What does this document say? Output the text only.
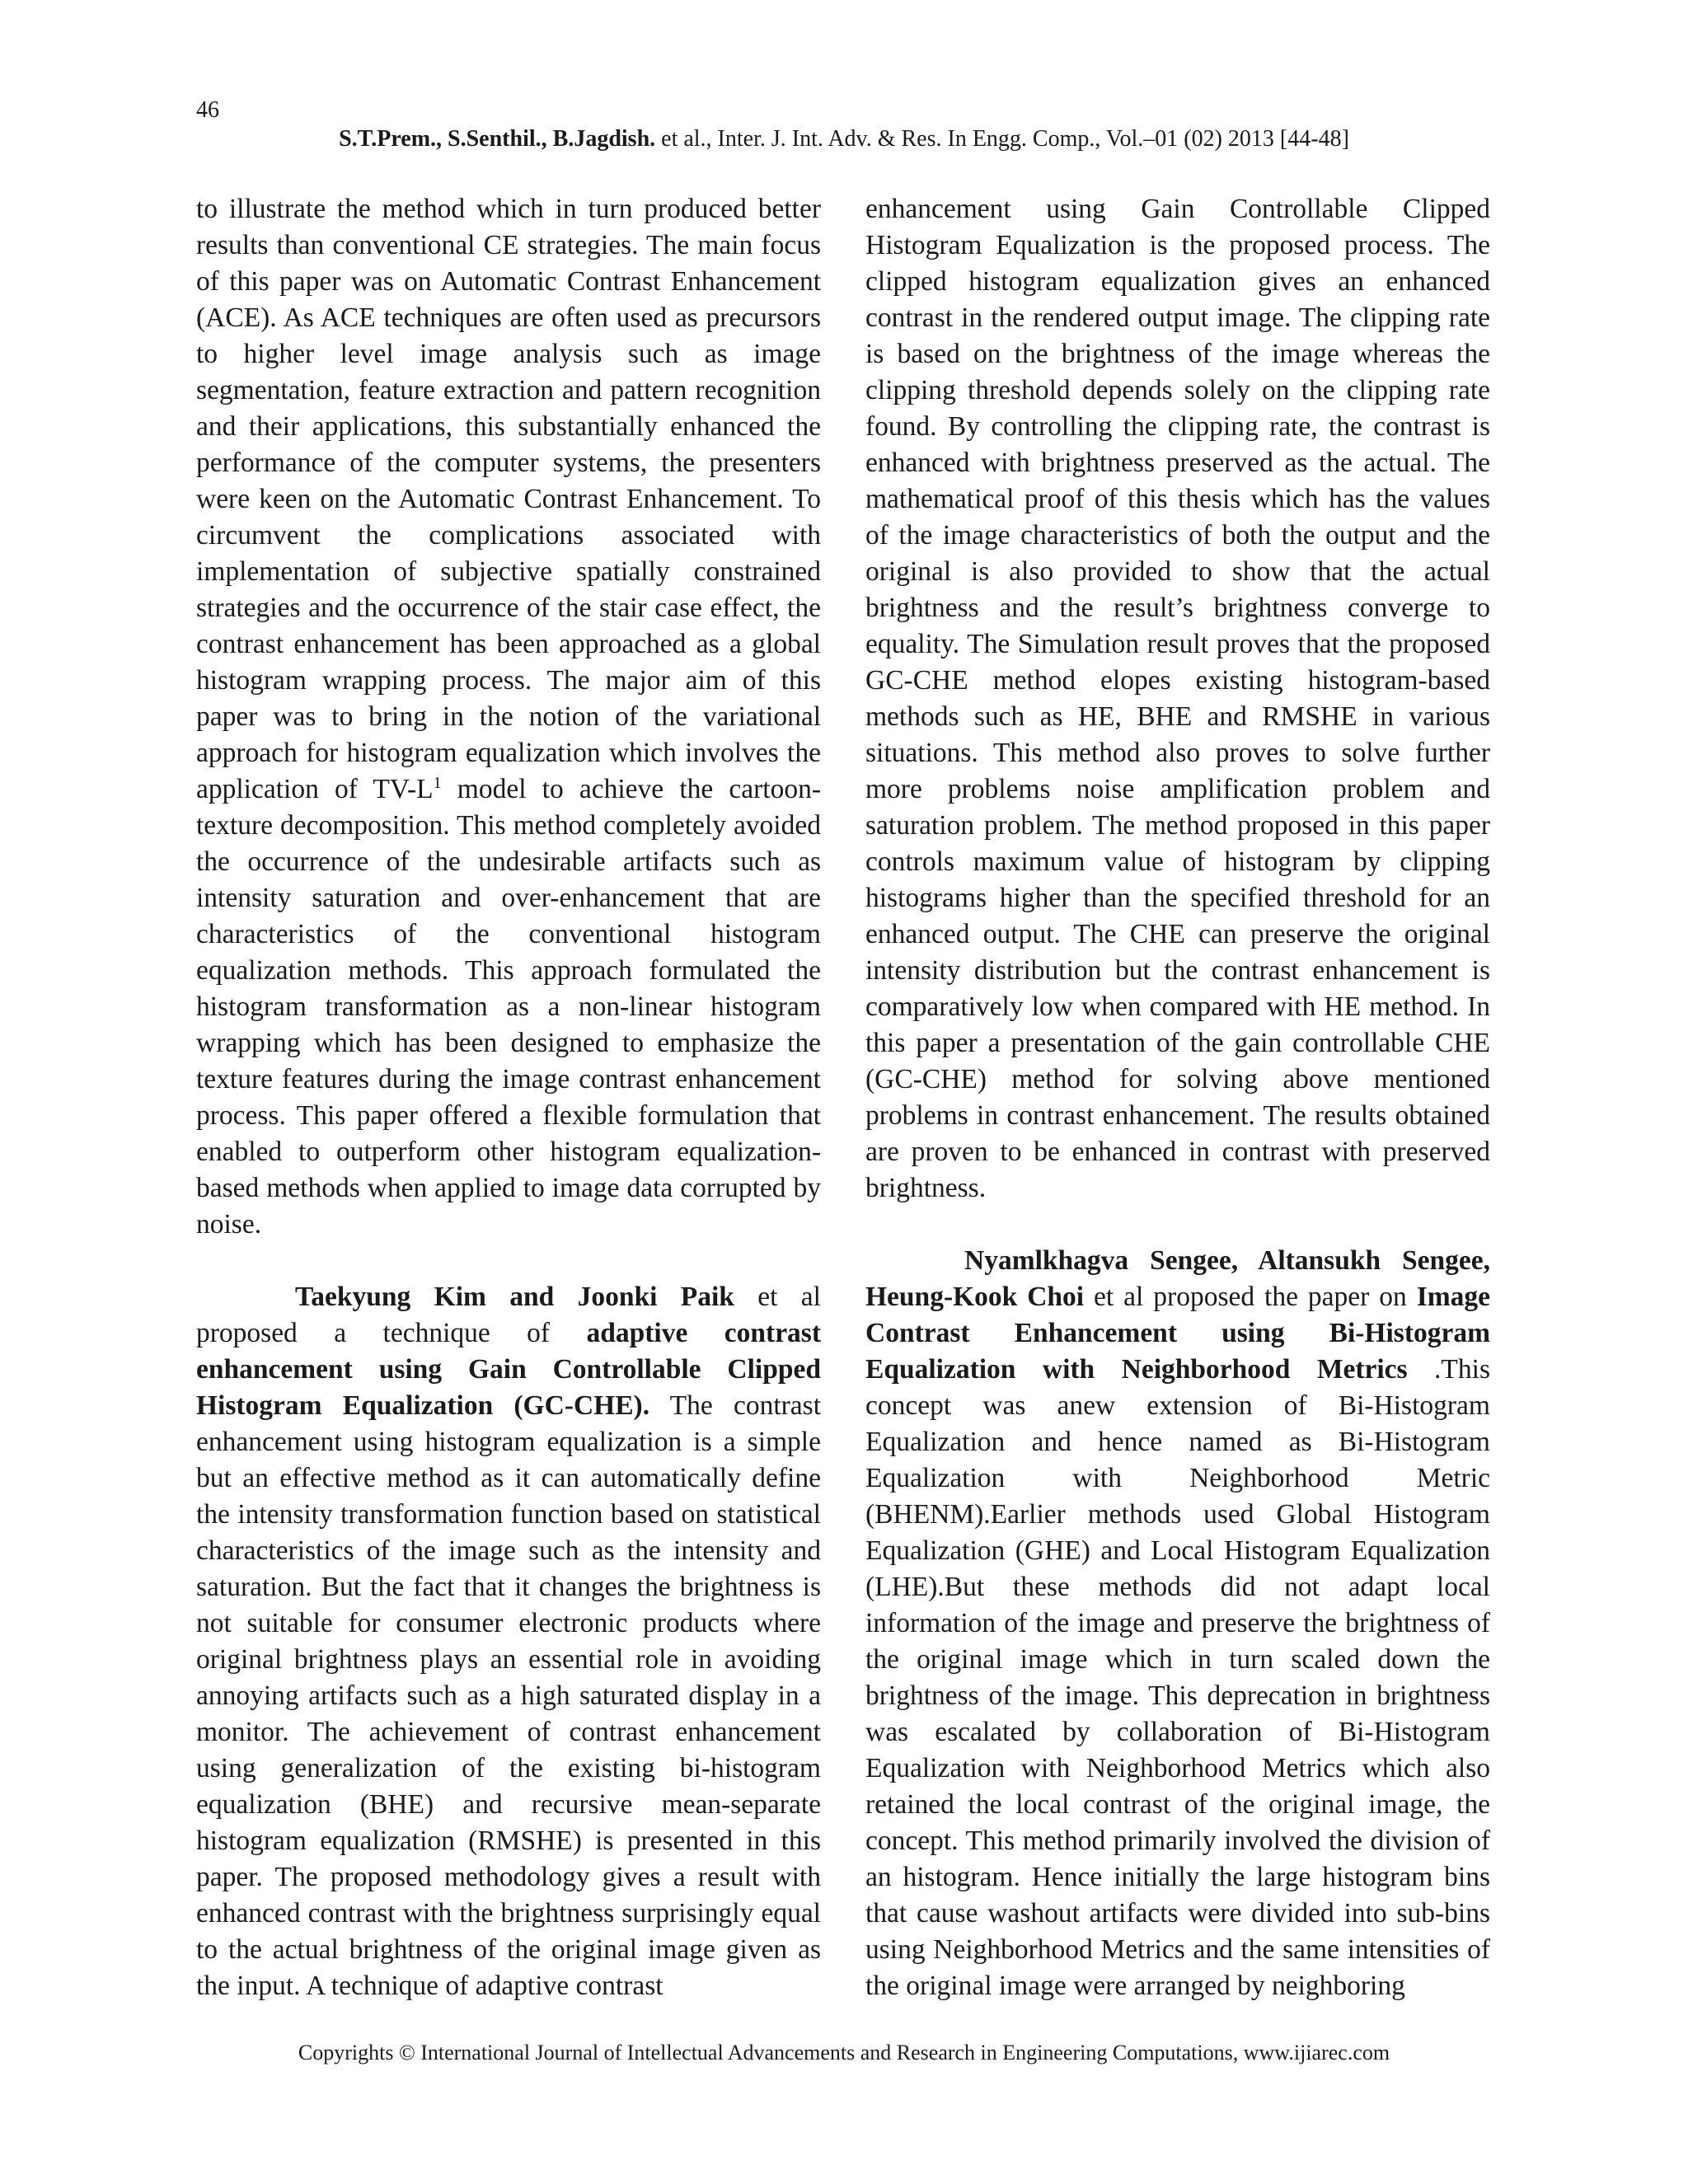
46
S.T.Prem., S.Senthil., B.Jagdish. et al., Inter. J. Int. Adv. & Res. In Engg. Comp., Vol.–01 (02) 2013 [44-48]

to illustrate the method which in turn produced better results than conventional CE strategies. The main focus of this paper was on Automatic Contrast Enhancement (ACE). As ACE techniques are often used as precursors to higher level image analysis such as image segmentation, feature extraction and pattern recognition and their applications, this substantially enhanced the performance of the computer systems, the presenters were keen on the Automatic Contrast Enhancement. To circumvent the complications associated with implementation of subjective spatially constrained strategies and the occurrence of the stair case effect, the contrast enhancement has been approached as a global histogram wrapping process. The major aim of this paper was to bring in the notion of the variational approach for histogram equalization which involves the application of $TV-L^1$ model to achieve the cartoon-texture decomposition. This method completely avoided the occurrence of the undesirable artifacts such as intensity saturation and over-enhancement that are characteristics of the conventional histogram equalization methods. This approach formulated the histogram transformation as a non-linear histogram wrapping which has been designed to emphasize the texture features during the image contrast enhancement process. This paper offered a flexible formulation that enabled to outperform other histogram equalization-based methods when applied to image data corrupted by noise.

Taekyung Kim and Joonki Paik et al proposed a technique of adaptive contrast enhancement using Gain Controllable Clipped Histogram Equalization (GC-CHE). The contrast enhancement using histogram equalization is a simple but an effective method as it can automatically define the intensity transformation function based on statistical characteristics of the image such as the intensity and saturation. But the fact that it changes the brightness is not suitable for consumer electronic products where original brightness plays an essential role in avoiding annoying artifacts such as a high saturated display in a monitor. The achievement of contrast enhancement using generalization of the existing bi-histogram equalization (BHE) and recursive mean-separate histogram equalization (RMSHE) is presented in this paper. The proposed methodology gives a result with enhanced contrast with the brightness surprisingly equal to the actual brightness of the original image given as the input. A technique of adaptive contrast

enhancement using Gain Controllable Clipped Histogram Equalization is the proposed process. The clipped histogram equalization gives an enhanced contrast in the rendered output image. The clipping rate is based on the brightness of the image whereas the clipping threshold depends solely on the clipping rate found. By controlling the clipping rate, the contrast is enhanced with brightness preserved as the actual. The mathematical proof of this thesis which has the values of the image characteristics of both the output and the original is also provided to show that the actual brightness and the result’s brightness converge to equality. The Simulation result proves that the proposed GC-CHE method elopes existing histogram-based methods such as HE, BHE and RMSHE in various situations. This method also proves to solve further more problems noise amplification problem and saturation problem. The method proposed in this paper controls maximum value of histogram by clipping histograms higher than the specified threshold for an enhanced output. The CHE can preserve the original intensity distribution but the contrast enhancement is comparatively low when compared with HE method. In this paper a presentation of the gain controllable CHE (GC-CHE) method for solving above mentioned problems in contrast enhancement. The results obtained are proven to be enhanced in contrast with preserved brightness.

Nyamlkhagva Sengee, Altansukh Sengee, Heung-Kook Choi et al proposed the paper on Image Contrast Enhancement using Bi-Histogram Equalization with Neighborhood Metrics .This concept was anew extension of Bi-Histogram Equalization and hence named as Bi-Histogram Equalization with Neighborhood Metric (BHENM).Earlier methods used Global Histogram Equalization (GHE) and Local Histogram Equalization (LHE).But these methods did not adapt local information of the image and preserve the brightness of the original image which in turn scaled down the brightness of the image. This deprecation in brightness was escalated by collaboration of Bi-Histogram Equalization with Neighborhood Metrics which also retained the local contrast of the original image, the concept. This method primarily involved the division of an histogram. Hence initially the large histogram bins that cause washout artifacts were divided into sub-bins using Neighborhood Metrics and the same intensities of the original image were arranged by neighboring

Copyrights © International Journal of Intellectual Advancements and Research in Engineering Computations, www.ijiarec.com
